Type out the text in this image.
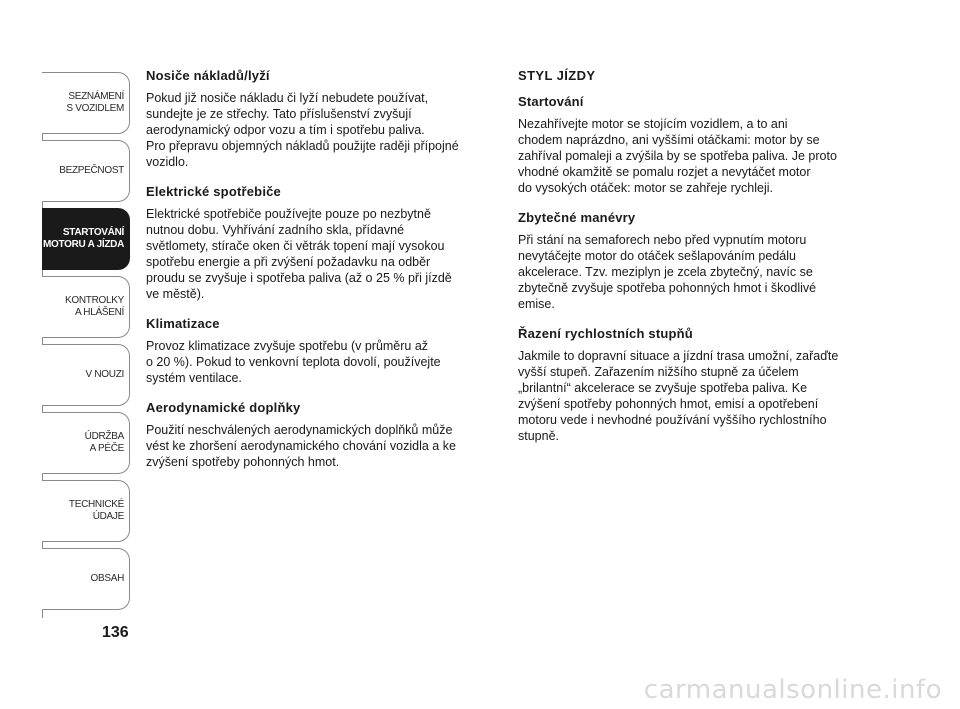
SEZNÁMENÍ
S VOZIDLEM
BEZPEČNOST
STARTOVÁNÍ
MOTORU A JÍZDA
KONTROLKY
A HLÁŠENÍ
V NOUZI
ÚDRŽBA
A PÉČE
TECHNICKÉ
ÚDAJE
OBSAH
136
Nosiče nákladů/lyží

Pokud již nosiče nákladu či lyží nebudete používat,
sundejte je ze střechy. Tato příslušenství zvyšují
aerodynamický odpor vozu a tím i spotřebu paliva.
Pro přepravu objemných nákladů použijte raději přípojné
vozidlo.

Elektrické spotřebiče

Elektrické spotřebiče používejte pouze po nezbytně
nutnou dobu. Vyhřívání zadního skla, přídavné
světlomety, stírače oken či větrák topení mají vysokou
spotřebu energie a při zvýšení požadavku na odběr
proudu se zvyšuje i spotřeba paliva (až o 25 % při jízdě
ve městě).

Klimatizace

Provoz klimatizace zvyšuje spotřebu (v průměru až
o 20 %). Pokud to venkovní teplota dovolí, používejte
systém ventilace.

Aerodynamické doplňky

Použití neschválených aerodynamických doplňků může
vést ke zhoršení aerodynamického chování vozidla a ke
zvýšení spotřeby pohonných hmot.

STYL JÍZDY
Startování

Nezahřívejte motor se stojícím vozidlem, a to ani
chodem naprázdno, ani vyššími otáčkami: motor by se
zahříval pomaleji a zvýšila by se spotřeba paliva. Je proto
vhodné okamžitě se pomalu rozjet a nevytáčet motor
do vysokých otáček: motor se zahřeje rychleji.

Zbytečné manévry

Při stání na semaforech nebo před vypnutím motoru
nevytáčejte motor do otáček sešlapováním pedálu
akcelerace. Tzv. meziplyn je zcela zbytečný, navíc se
zbytečně zvyšuje spotřeba pohonných hmot i škodlivé
emise.

Řazení rychlostních stupňů

Jakmile to dopravní situace a jízdní trasa umožní, zařaďte
vyšší stupeň. Zařazením nižšího stupně za účelem
„brilantní“ akcelerace se zvyšuje spotřeba paliva. Ke
zvýšení spotřeby pohonných hmot, emisí a opotřebení
motoru vede i nevhodné používání vyššího rychlostního
stupně.

carmanualsonline.info
